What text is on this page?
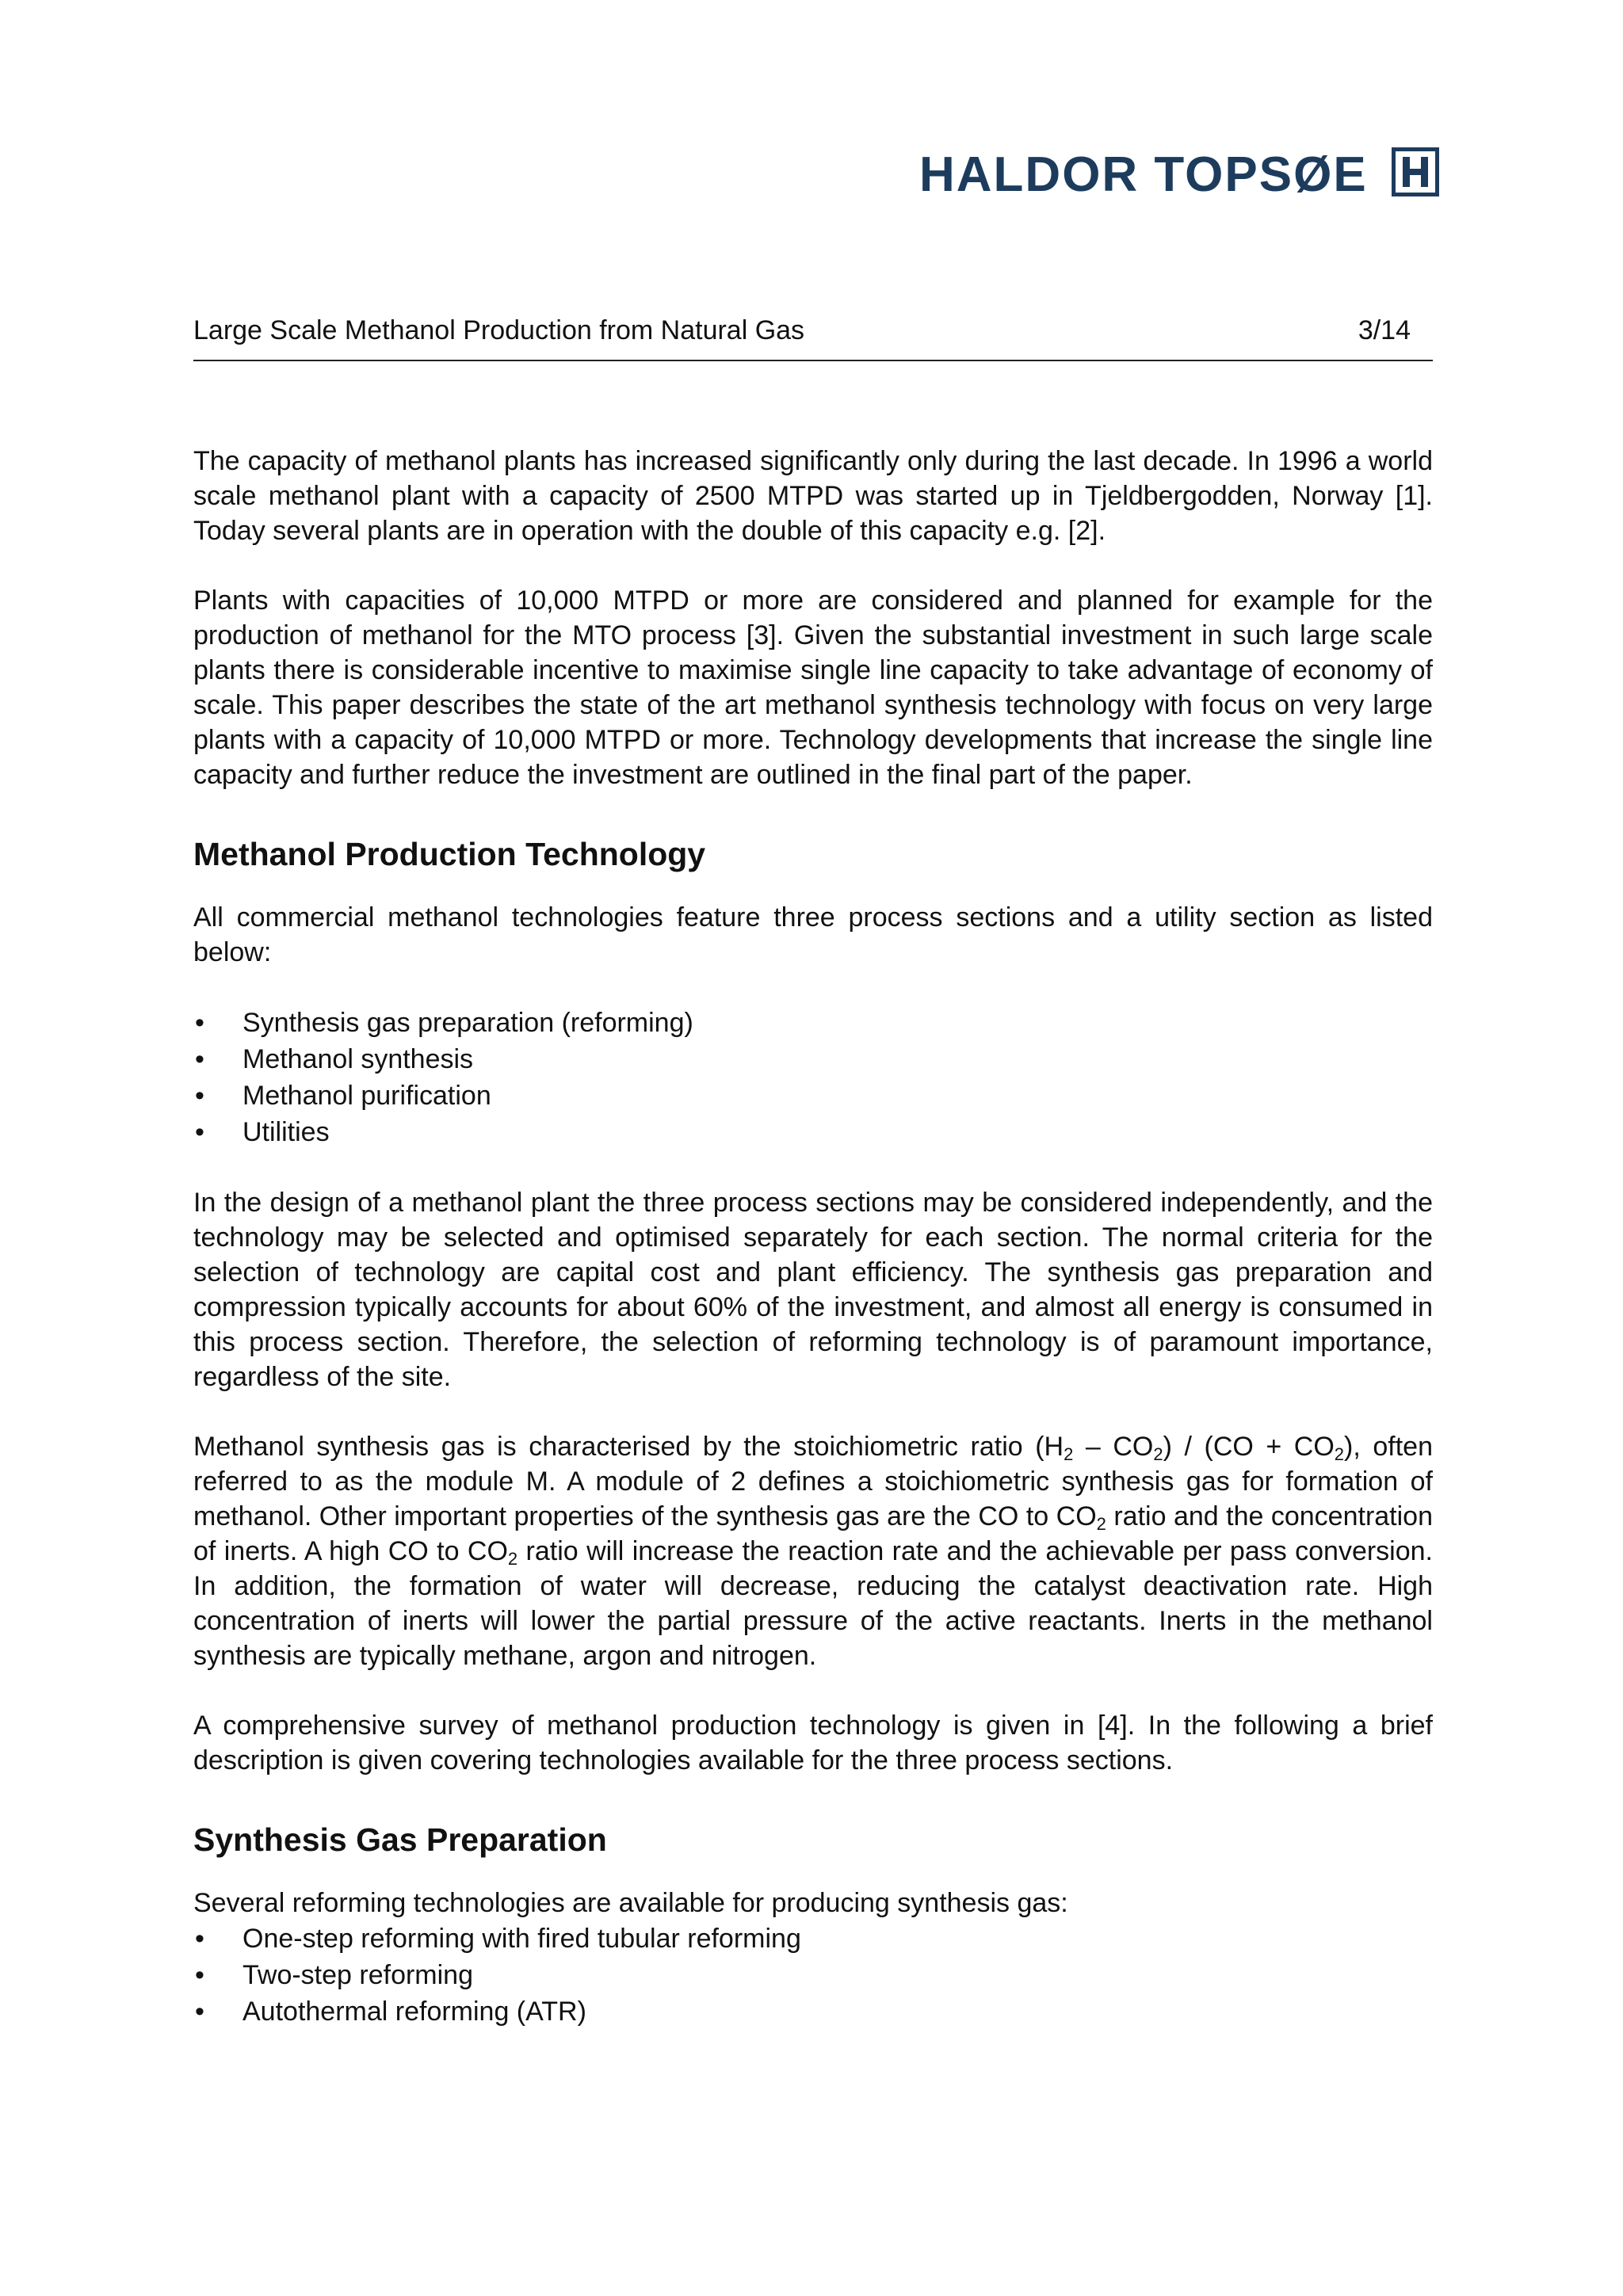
HALDOR TOPSØE
Large Scale Methanol Production from Natural Gas	3/14

The capacity of methanol plants has increased significantly only during the last decade. In 1996 a world scale methanol plant with a capacity of 2500 MTPD was started up in Tjeldbergodden, Norway [1]. Today several plants are in operation with the double of this capacity e.g. [2].

Plants with capacities of 10,000 MTPD or more are considered and planned for example for the production of methanol for the MTO process [3]. Given the substantial investment in such large scale plants there is considerable incentive to maximise single line capacity to take advantage of economy of scale. This paper describes the state of the art methanol synthesis technology with focus on very large plants with a capacity of 10,000 MTPD or more. Technology developments that increase the single line capacity and further reduce the investment are outlined in the final part of the paper.

Methanol Production Technology

All commercial methanol technologies feature three process sections and a utility section as listed below:

• Synthesis gas preparation (reforming)
• Methanol synthesis
• Methanol purification
• Utilities

In the design of a methanol plant the three process sections may be considered independently, and the technology may be selected and optimised separately for each section. The normal criteria for the selection of technology are capital cost and plant efficiency. The synthesis gas preparation and compression typically accounts for about 60% of the investment, and almost all energy is consumed in this process section. Therefore, the selection of reforming technology is of paramount importance, regardless of the site.

Methanol synthesis gas is characterised by the stoichiometric ratio $(H_2 - CO_2) / (CO + CO_2)$, often referred to as the module M. A module of 2 defines a stoichiometric synthesis gas for formation of methanol. Other important properties of the synthesis gas are the CO to $CO_2$ ratio and the concentration of inerts. A high CO to $CO_2$ ratio will increase the reaction rate and the achievable per pass conversion. In addition, the formation of water will decrease, reducing the catalyst deactivation rate. High concentration of inerts will lower the partial pressure of the active reactants. Inerts in the methanol synthesis are typically methane, argon and nitrogen.

A comprehensive survey of methanol production technology is given in [4]. In the following a brief description is given covering technologies available for the three process sections.

Synthesis Gas Preparation

Several reforming technologies are available for producing synthesis gas:

• One-step reforming with fired tubular reforming
• Two-step reforming
• Autothermal reforming (ATR)
